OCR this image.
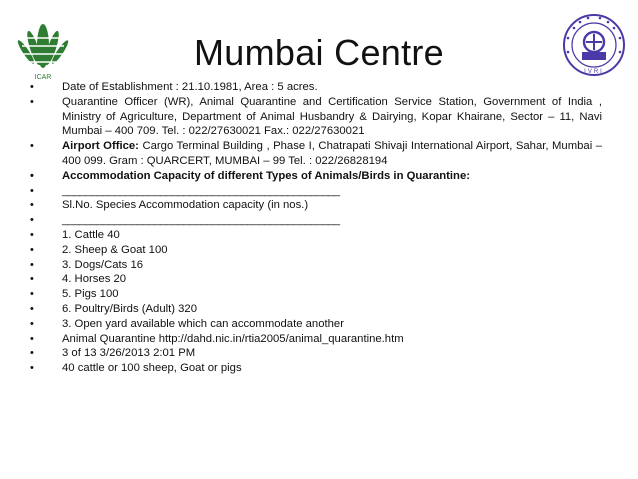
ICAR
IVRI
Mumbai Centre
• Date of Establishment : 21.10.1981, Area : 5 acres.
• Quarantine Officer (WR), Animal Quarantine and Certification Service Station, Government of India , Ministry of Agriculture, Department of Animal Husbandry & Dairying, Kopar Khairane, Sector – 11, Navi Mumbai – 400 709. Tel. : 022/27630021 Fax.: 022/27630021
• Airport Office: Cargo Terminal Building , Phase I, Chatrapati Shivaji International Airport, Sahar, Mumbai – 400 099. Gram : QUARCERT, MUMBAI – 99 Tel. : 022/26828194
• Accommodation Capacity of different Types of Animals/Birds in Quarantine:
• ________________________________________________
• Sl.No. Species Accommodation capacity (in nos.)
• ________________________________________________
• 1. Cattle 40
• 2. Sheep & Goat 100
• 3. Dogs/Cats 16
• 4. Horses 20
• 5. Pigs 100
• 6. Poultry/Birds (Adult) 320
• 3. Open yard available which can accommodate another
• Animal Quarantine http://dahd.nic.in/rtia2005/animal_quarantine.htm
• 3 of 13 3/26/2013 2:01 PM
• 40 cattle or 100 sheep, Goat or pigs
